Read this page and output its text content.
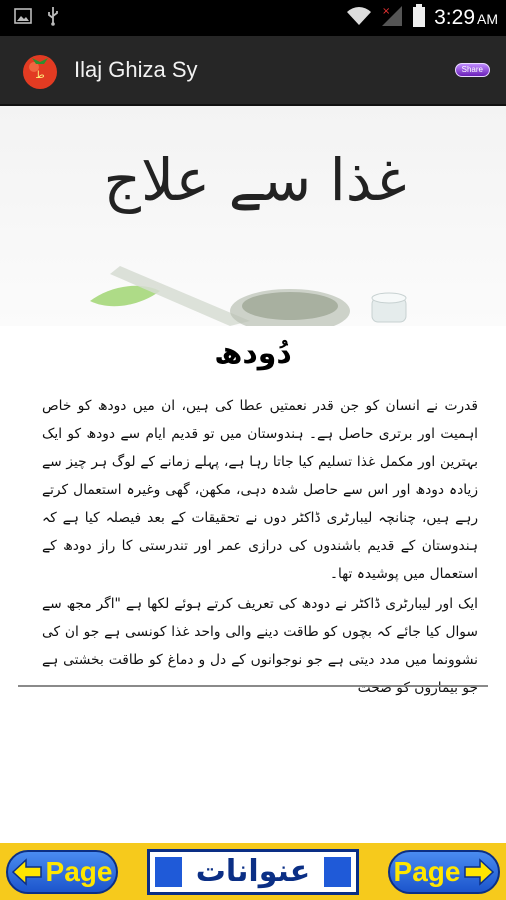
× 3:29 AM
ط Ilaj Ghiza Sy	Share
غذا سے علاج
دُودھ

قدرت نے انسان کو جن قدر نعمتیں عطا کی ہیں، ان میں دودھ کو خاص اہمیت اور برتری حاصل ہے۔ ہندوستان میں تو قدیم ایام سے دودھ کو ایک بہترین اور مکمل غذا تسلیم کیا جاتا رہا ہے، پہلے زمانے کے لوگ ہر چیز سے زیادہ دودھ اور اس سے حاصل شدہ دہی، مکھن، گھی وغیرہ استعمال کرتے رہے ہیں، چنانچہ لیبارٹری ڈاکٹر دوں نے تحقیقات کے بعد فیصلہ کیا ہے کہ ہندوستان کے قدیم باشندوں کی درازی عمر اور تندرستی کا راز دودھ کے استعمال میں پوشیدہ تھا۔

ایک اور لیبارٹری ڈاکٹر نے دودھ کی تعریف کرتے ہوئے لکھا ہے "اگر مجھ سے سوال کیا جائے کہ بچوں کو طاقت دینے والی واحد غذا کونسی ہے جو ان کی نشوونما میں مدد دیتی ہے جو نوجوانوں کے دل و دماغ کو طاقت بخشتی ہے جو بیماروں کو صحت

Page	عنوانات	Page
